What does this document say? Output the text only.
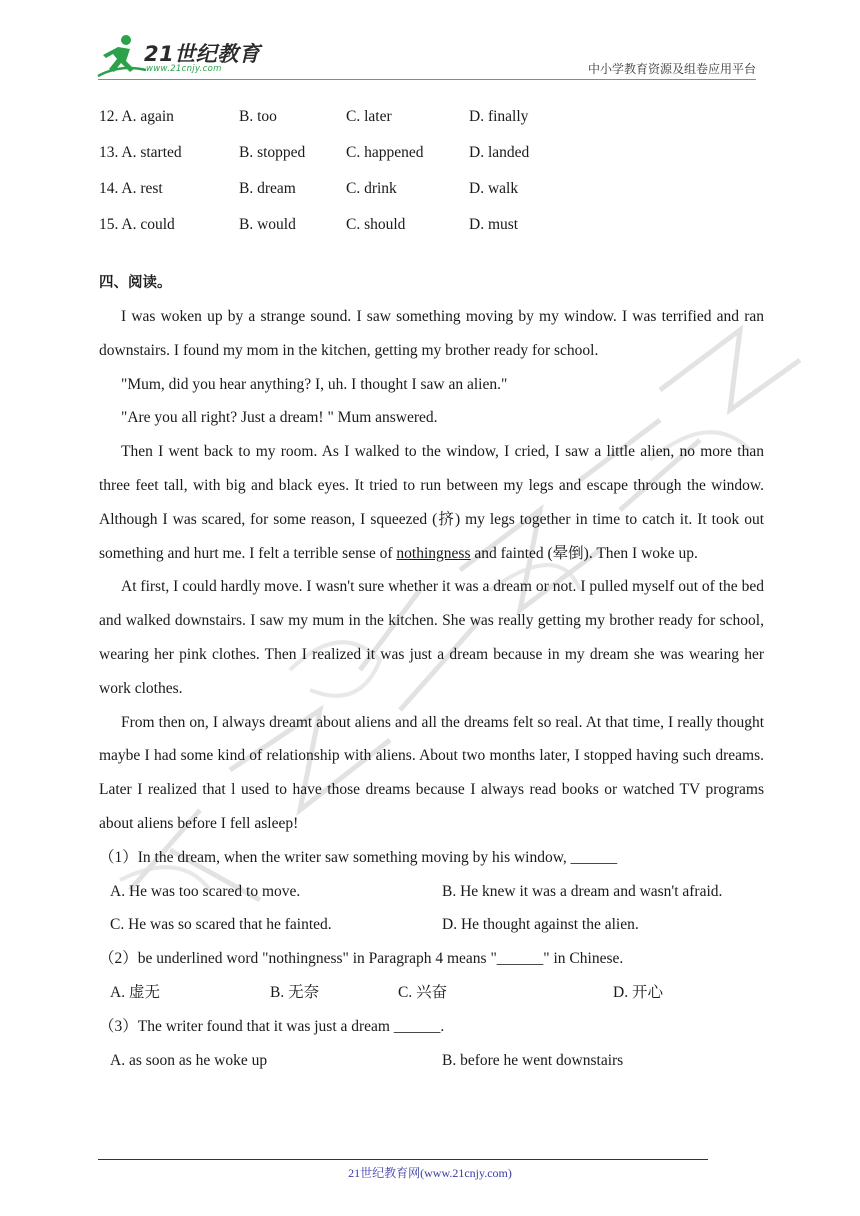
21世纪教育
www.21cnjy.com	中小学教育资源及组卷应用平台
12. A. again	B. too	C. later	D. finally
13. A. started	B. stopped	C. happened	D. landed
14. A. rest	B. dream	C. drink	D. walk
15. A. could	B. would	C. should	D. must
四、阅读。

I was woken up by a strange sound. I saw something moving by my window. I was terrified and ran downstairs. I found my mom in the kitchen, getting my brother ready for school.

"Mum, did you hear anything? I, uh. I thought I saw an alien."

"Are you all right? Just a dream! " Mum answered.

Then I went back to my room. As I walked to the window, I cried, I saw a little alien, no more than three feet tall, with big and black eyes. It tried to run between my legs and escape through the window. Although I was scared, for some reason, I squeezed (挤) my legs together in time to catch it. It took out something and hurt me. I felt a terrible sense of nothingness and fainted (晕倒). Then I woke up.

At first, I could hardly move. I wasn't sure whether it was a dream or not. I pulled myself out of the bed and walked downstairs. I saw my mum in the kitchen. She was really getting my brother ready for school, wearing her pink clothes. Then I realized it was just a dream because in my dream she was wearing her work clothes.

From then on, I always dreamt about aliens and all the dreams felt so real. At that time, I really thought maybe I had some kind of relationship with aliens. About two months later, I stopped having such dreams. Later I realized that l used to have those dreams because I always read books or watched TV programs about aliens before I fell asleep!

（1）In the dream, when the writer saw something moving by his window, ______

A. He was too scared to move.	B. He knew it was a dream and wasn't afraid.
C. He was so scared that he fainted.	D. He thought against the alien.

（2）be underlined word "nothingness" in Paragraph 4 means "______" in Chinese.

A. 虚无	B. 无奈	C. 兴奋	D. 开心

（3）The writer found that it was just a dream ______.

A. as soon as he woke up	B. before he went downstairs
21世纪教育网(www.21cnjy.com)
